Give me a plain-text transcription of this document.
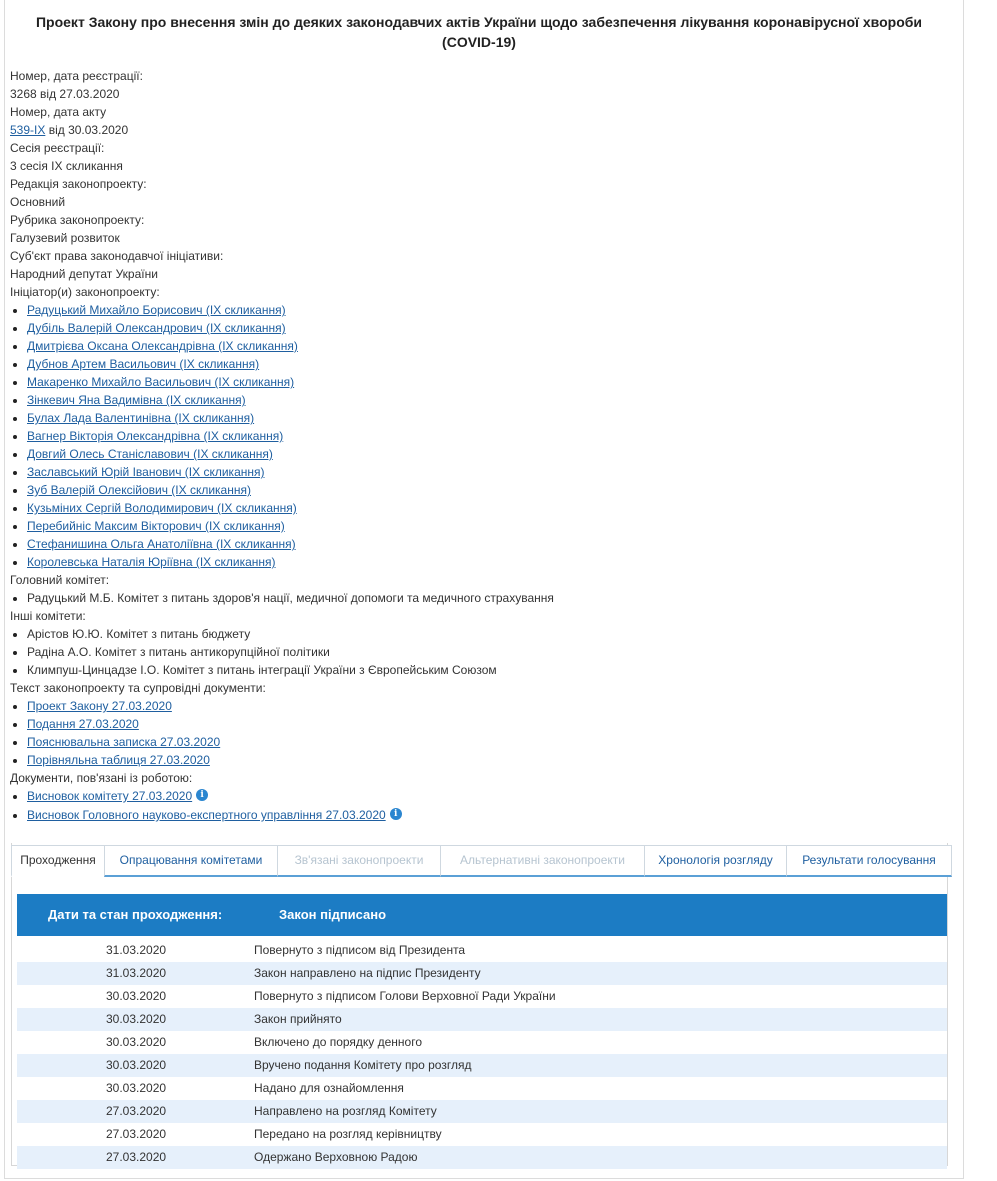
Проект Закону про внесення змін до деяких законодавчих актів України щодо забезпечення лікування коронавірусної хвороби (COVID-19)
Номер, дата реєстрації:
3268 від 27.03.2020
Номер, дата акту
539-IX від 30.03.2020
Сесія реєстрації:
3 сесія IX скликання
Редакція законопроекту:
Основний
Рубрика законопроекту:
Галузевий розвиток
Суб'єкт права законодавчої ініціативи:
Народний депутат України
Ініціатор(и) законопроекту:
Радуцький Михайло Борисович (IX скликання)
Дубіль Валерій Олександрович (IX скликання)
Дмитрієва Оксана Олександрівна (IX скликання)
Дубнов Артем Васильович (IX скликання)
Макаренко Михайло Васильович (IX скликання)
Зінкевич Яна Вадимівна (IX скликання)
Булах Лада Валентинівна (IX скликання)
Вагнер Вікторія Олександрівна (IX скликання)
Довгий Олесь Станіславович (IX скликання)
Заславський Юрій Іванович (IX скликання)
Зуб Валерій Олексійович (IX скликання)
Кузьміних Сергій Володимирович (IX скликання)
Перебийніс Максим Вікторович (IX скликання)
Стефанишина Ольга Анатоліївна (IX скликання)
Королевська Наталія Юріївна (IX скликання)
Головний комітет:
Радуцький М.Б. Комітет з питань здоров'я нації, медичної допомоги та медичного страхування
Інші комітети:
Арістов Ю.Ю. Комітет з питань бюджету
Радіна А.О. Комітет з питань антикорупційної політики
Климпуш-Цинцадзе І.О. Комітет з питань інтеграції України з Європейським Союзом
Текст законопроекту та супровідні документи:
Проект Закону 27.03.2020
Подання 27.03.2020
Пояснювальна записка 27.03.2020
Порівняльна таблиця 27.03.2020
Документи, пов'язані із роботою:
Висновок комітету 27.03.2020 i
Висновок Головного науково-експертного управління 27.03.2020 i
Проходження	Опрацювання комітетами	Зв'язані законопроекти	Альтернативні законопроекти	Хронологія розгляду	Результати голосування
Дати та стан проходження:	Закон підписано
31.03.2020	Повернуто з підписом від Президента
31.03.2020	Закон направлено на підпис Президенту
30.03.2020	Повернуто з підписом Голови Верховної Ради України
30.03.2020	Закон прийнято
30.03.2020	Включено до порядку денного
30.03.2020	Вручено подання Комітету про розгляд
30.03.2020	Надано для ознайомлення
27.03.2020	Направлено на розгляд Комітету
27.03.2020	Передано на розгляд керівництву
27.03.2020	Одержано Верховною Радою
